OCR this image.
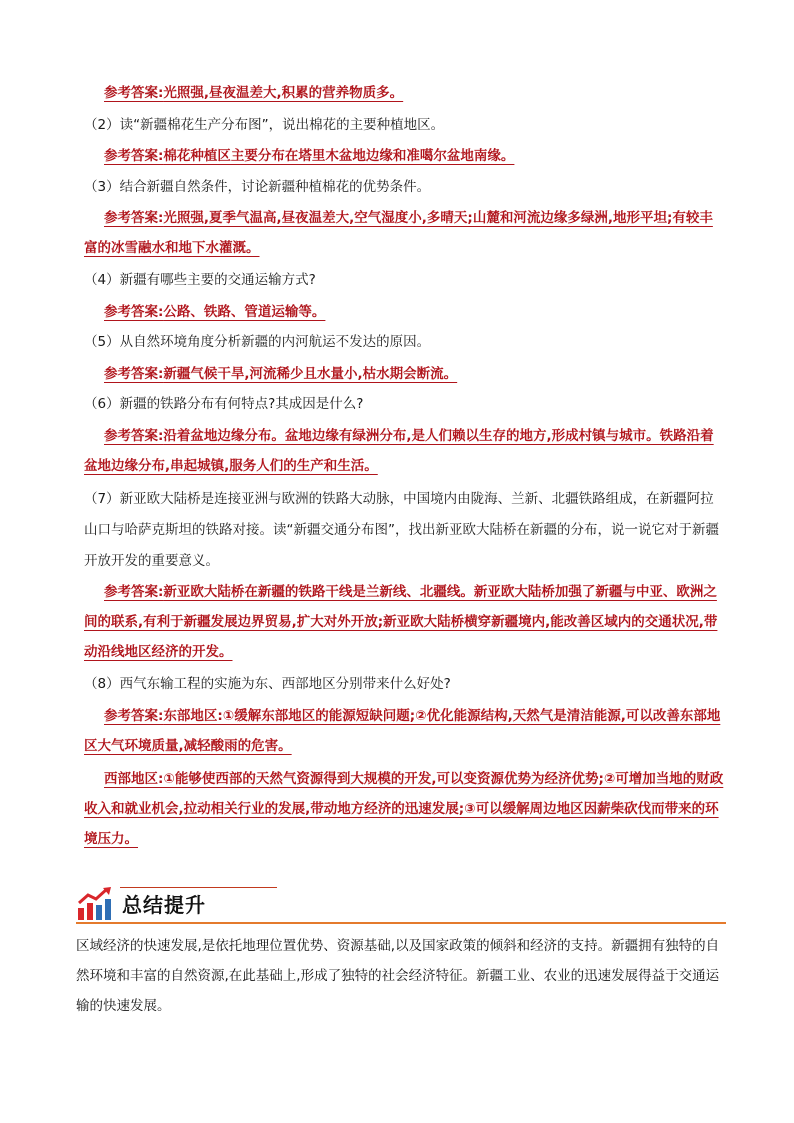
参考答案:光照强,昼夜温差大,积累的营养物质多。
（2）读“新疆棉花生产分布图”，说出棉花的主要种植地区。
参考答案:棉花种植区主要分布在塔里木盆地边缘和准噶尔盆地南缘。
（3）结合新疆自然条件，讨论新疆种植棉花的优势条件。
参考答案:光照强,夏季气温高,昼夜温差大,空气湿度小,多晴天;山麓和河流边缘多绿洲,地形平坦;有较丰富的冰雪融水和地下水灌溉。
（4）新疆有哪些主要的交通运输方式?
参考答案:公路、铁路、管道运输等。
（5）从自然环境角度分析新疆的内河航运不发达的原因。
参考答案:新疆气候干旱,河流稀少且水量小,枯水期会断流。
（6）新疆的铁路分布有何特点?其成因是什么?
参考答案:沿着盆地边缘分布。盆地边缘有绿洲分布,是人们赖以生存的地方,形成村镇与城市。铁路沿着盆地边缘分布,串起城镇,服务人们的生产和生活。
（7）新亚欧大陆桥是连接亚洲与欧洲的铁路大动脉，中国境内由陇海、兰新、北疆铁路组成，在新疆阿拉山口与哈萨克斯坦的铁路对接。读“新疆交通分布图”，找出新亚欧大陆桥在新疆的分布，说一说它对于新疆开放开发的重要意义。
参考答案:新亚欧大陆桥在新疆的铁路干线是兰新线、北疆线。新亚欧大陆桥加强了新疆与中亚、欧洲之间的联系,有利于新疆发展边界贸易,扩大对外开放;新亚欧大陆桥横穿新疆境内,能改善区域内的交通状况,带动沿线地区经济的开发。
（8）西气东输工程的实施为东、西部地区分别带来什么好处?
参考答案:东部地区:①缓解东部地区的能源短缺问题;②优化能源结构,天然气是清洁能源,可以改善东部地区大气环境质量,减轻酸雨的危害。
西部地区:①能够使西部的天然气资源得到大规模的开发,可以变资源优势为经济优势;②可增加当地的财政收入和就业机会,拉动相关行业的发展,带动地方经济的迅速发展;③可以缓解周边地区因薪柴砍伐而带来的环境压力。
总结提升
区域经济的快速发展,是依托地理位置优势、资源基础,以及国家政策的倾斜和经济的支持。新疆拥有独特的自然环境和丰富的自然资源,在此基础上,形成了独特的社会经济特征。新疆工业、农业的迅速发展得益于交通运输的快速发展。
